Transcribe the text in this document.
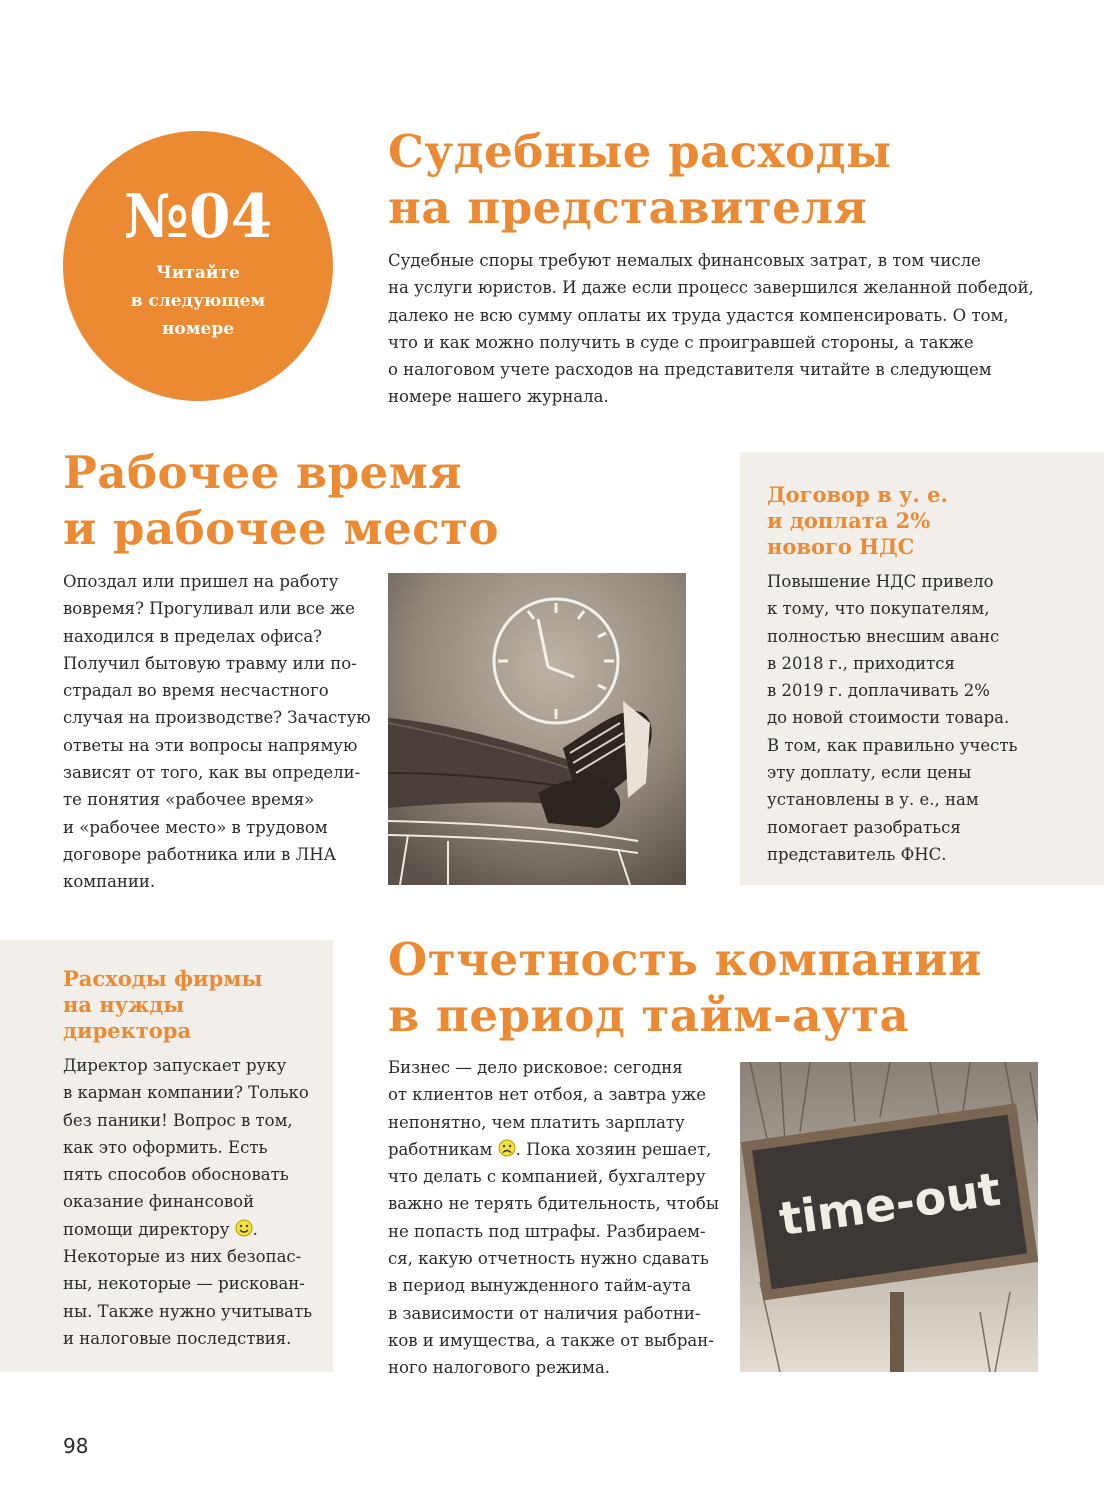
№04
Читайте
в следующем
номере
Судебные расходы
на представителя

Судебные споры требуют немалых финансовых затрат, в том числе
на услуги юристов. И даже если процесс завершился желанной победой,
далеко не всю сумму оплаты их труда удастся компенсировать. О том,
что и как можно получить в суде с проигравшей стороны, а также
о налоговом учете расходов на представителя читайте в следующем
номере нашего журнала.

Рабочее время
и рабочее место

Опоздал или пришел на работу
вовремя? Прогуливал или все же
находился в пределах офиса?
Получил бытовую травму или по-
страдал во время несчастного
случая на производстве? Зачастую
ответы на эти вопросы напрямую
зависят от того, как вы определи-
те понятия «рабочее время»
и «рабочее место» в трудовом
договоре работника или в ЛНА
компании.

Договор в у. е.
и доплата 2%
нового НДС

Повышение НДС привело
к тому, что покупателям,
полностью внесшим аванс
в 2018 г., приходится
в 2019 г. доплачивать 2%
до новой стоимости товара.
В том, как правильно учесть
эту доплату, если цены
установлены в у. е., нам
помогает разобраться
представитель ФНС.

Расходы фирмы
на нужды
директора

Директор запускает руку
в карман компании? Только
без паники! Вопрос в том,
как это оформить. Есть
пять способов обосновать
оказание финансовой
помощи директору .
Некоторые из них безопас-
ны, некоторые — рискован-
ны. Также нужно учитывать
и налоговые последствия.

Отчетность компании
в период тайм-аута

Бизнес — дело рисковое: сегодня
от клиентов нет отбоя, а завтра уже
непонятно, чем платить зарплату
работникам . Пока хозяин решает,
что делать с компанией, бухгалтеру
важно не терять бдительность, чтобы
не попасть под штрафы. Разбираем-
ся, какую отчетность нужно сдавать
в период вынужденного тайм-аута
в зависимости от наличия работни-
ков и имущества, а также от выбран-
ного налогового режима.

time-out
98
